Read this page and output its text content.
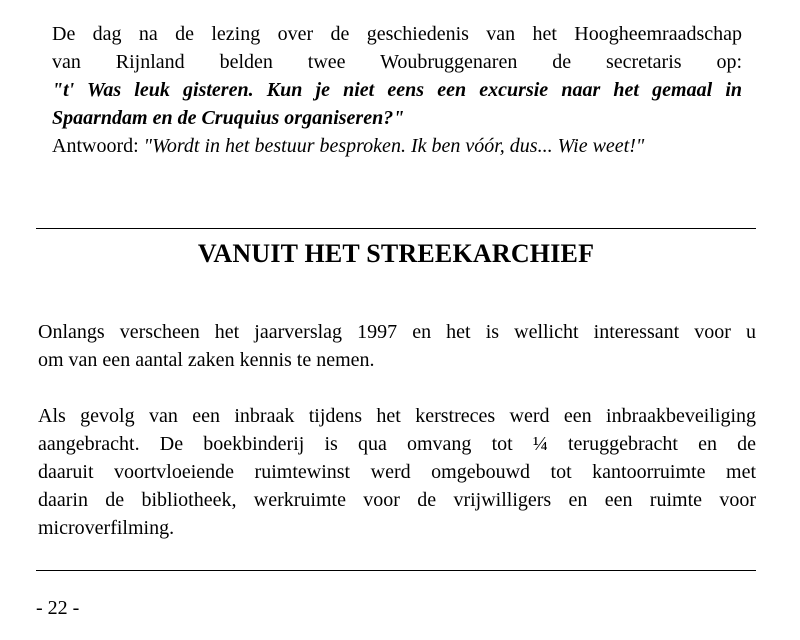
De dag na de lezing over de geschiedenis van het Hoogheemraadschap
van Rijnland belden twee Woubruggenaren de secretaris op:
"t' Was leuk gisteren. Kun je niet eens een excursie naar het gemaal in
Spaarndam en de Cruquius organiseren?"
Antwoord: "Wordt in het bestuur besproken. Ik ben vóór, dus... Wie weet!"
VANUIT HET STREEKARCHIEF
Onlangs verscheen het jaarverslag 1997 en het is wellicht interessant voor u
om van een aantal zaken kennis te nemen.
Als gevolg van een inbraak tijdens het kerstreces werd een inbraakbeveiliging
aangebracht. De boekbinderij is qua omvang tot ¼ teruggebracht en de
daaruit voortvloeiende ruimtewinst werd omgebouwd tot kantoorruimte met
daarin de bibliotheek, werkruimte voor de vrijwilligers en een ruimte voor
microverfilming.
- 22 -
